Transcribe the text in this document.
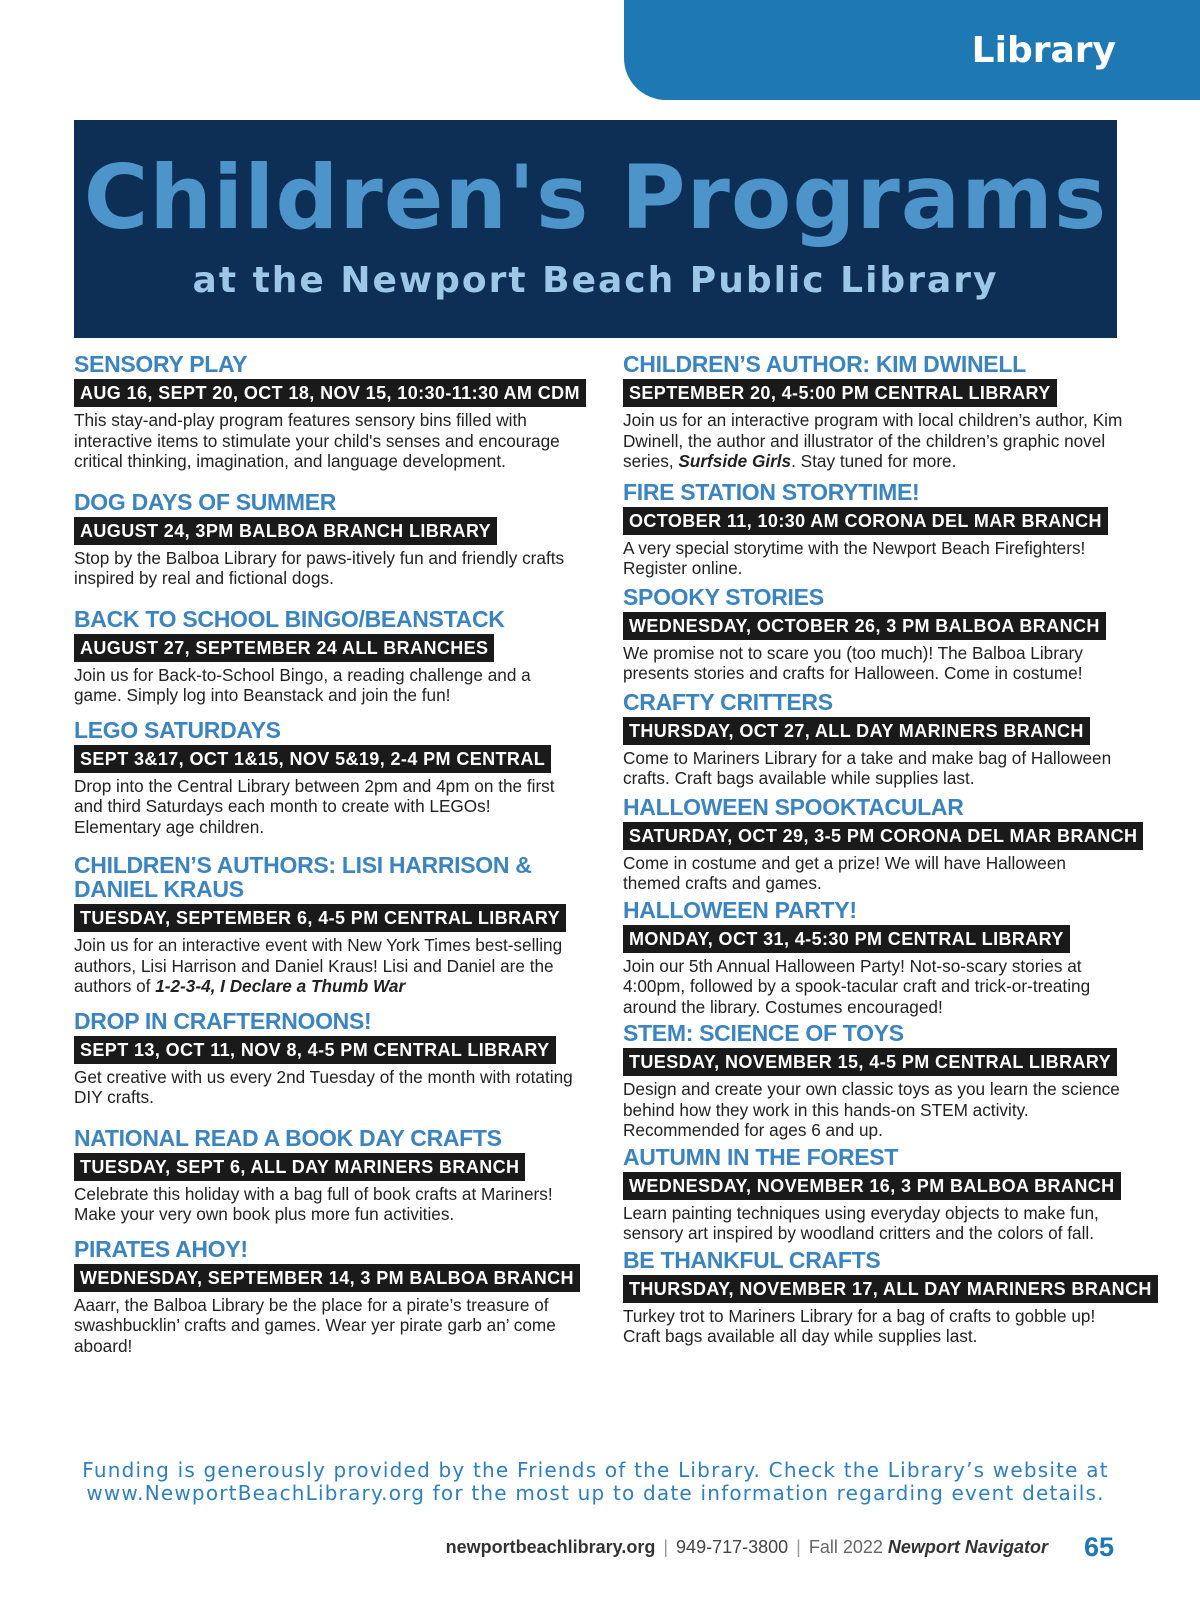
Library
Children's Programs
at the Newport Beach Public Library
SENSORY PLAY
AUG 16, SEPT 20, OCT 18, NOV 15, 10:30-11:30 AM CDM
This stay-and-play program features sensory bins filled with interactive items to stimulate your child's senses and encourage critical thinking, imagination, and language development.
DOG DAYS OF SUMMER
AUGUST 24, 3PM BALBOA BRANCH LIBRARY
Stop by the Balboa Library for paws-itively fun and friendly crafts inspired by real and fictional dogs.
BACK TO SCHOOL BINGO/BEANSTACK
AUGUST 27, SEPTEMBER 24 ALL BRANCHES
Join us for Back-to-School Bingo, a reading challenge and a game. Simply log into Beanstack and join the fun!
LEGO SATURDAYS
SEPT 3&17, OCT 1&15, NOV 5&19, 2-4 PM CENTRAL
Drop into the Central Library between 2pm and 4pm on the first and third Saturdays each month to create with LEGOs! Elementary age children.
CHILDREN’S AUTHORS: LISI HARRISON & DANIEL KRAUS
TUESDAY, SEPTEMBER 6, 4-5 PM CENTRAL LIBRARY
Join us for an interactive event with New York Times best-selling authors, Lisi Harrison and Daniel Kraus! Lisi and Daniel are the authors of 1-2-3-4, I Declare a Thumb War
DROP IN CRAFTERNOONS!
SEPT 13, OCT 11, NOV 8, 4-5 PM CENTRAL LIBRARY
Get creative with us every 2nd Tuesday of the month with rotating DIY crafts.
NATIONAL READ A BOOK DAY CRAFTS
TUESDAY, SEPT 6, ALL DAY MARINERS BRANCH
Celebrate this holiday with a bag full of book crafts at Mariners! Make your very own book plus more fun activities.
PIRATES AHOY!
WEDNESDAY, SEPTEMBER 14, 3 PM BALBOA BRANCH
Aaarr, the Balboa Library be the place for a pirate’s treasure of swashbucklin’ crafts and games. Wear yer pirate garb an’ come aboard!
CHILDREN’S AUTHOR: KIM DWINELL
SEPTEMBER 20, 4-5:00 PM CENTRAL LIBRARY
Join us for an interactive program with local children’s author, Kim Dwinell, the author and illustrator of the children’s graphic novel series, Surfside Girls. Stay tuned for more.
FIRE STATION STORYTIME!
OCTOBER 11, 10:30 AM CORONA DEL MAR BRANCH
A very special storytime with the Newport Beach Firefighters! Register online.
SPOOKY STORIES
WEDNESDAY, OCTOBER 26, 3 PM BALBOA BRANCH
We promise not to scare you (too much)! The Balboa Library presents stories and crafts for Halloween. Come in costume!
CRAFTY CRITTERS
THURSDAY, OCT 27, ALL DAY MARINERS BRANCH
Come to Mariners Library for a take and make bag of Halloween crafts. Craft bags available while supplies last.
HALLOWEEN SPOOKTACULAR
SATURDAY, OCT 29, 3-5 PM CORONA DEL MAR BRANCH
Come in costume and get a prize! We will have Halloween themed crafts and games.
HALLOWEEN PARTY!
MONDAY, OCT 31, 4-5:30 PM CENTRAL LIBRARY
Join our 5th Annual Halloween Party! Not-so-scary stories at 4:00pm, followed by a spook-tacular craft and trick-or-treating around the library. Costumes encouraged!
STEM: SCIENCE OF TOYS
TUESDAY, NOVEMBER 15, 4-5 PM CENTRAL LIBRARY
Design and create your own classic toys as you learn the science behind how they work in this hands-on STEM activity. Recommended for ages 6 and up.
AUTUMN IN THE FOREST
WEDNESDAY, NOVEMBER 16, 3 PM BALBOA BRANCH
Learn painting techniques using everyday objects to make fun, sensory art inspired by woodland critters and the colors of fall.
BE THANKFUL CRAFTS
THURSDAY, NOVEMBER 17, ALL DAY MARINERS BRANCH
Turkey trot to Mariners Library for a bag of crafts to gobble up! Craft bags available all day while supplies last.
Funding is generously provided by the Friends of the Library. Check the Library’s website at www.NewportBeachLibrary.org for the most up to date information regarding event details.
newportbeachlibrary.org | 949-717-3800 | Fall 2022 Newport Navigator 65
